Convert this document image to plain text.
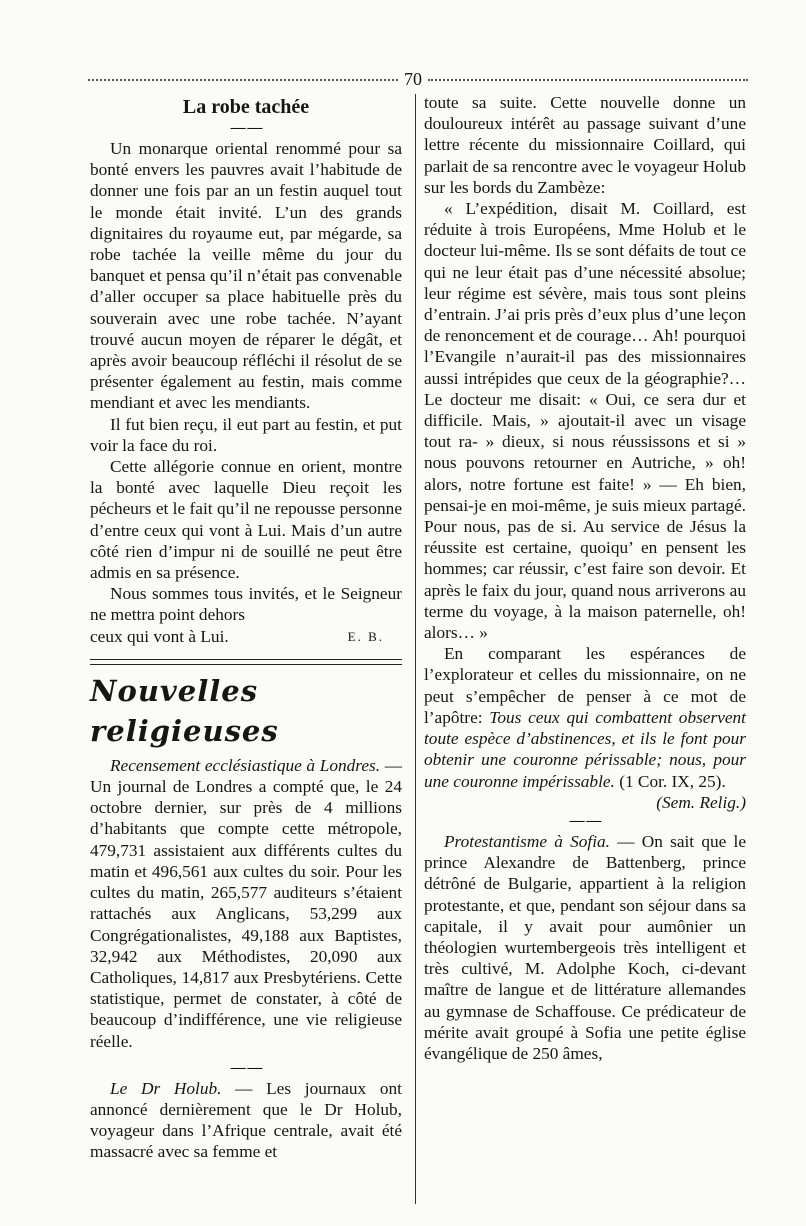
70
La robe tachée
— —

Un monarque oriental renommé pour sa bonté envers les pauvres avait l’habitude de donner une fois par an un festin auquel tout le monde était invité. L’un des grands dignitaires du royaume eut, par mégarde, sa robe tachée la veille même du jour du banquet et pensa qu’il n’était pas convenable d’aller occuper sa place habituelle près du souverain avec une robe tachée. N’ayant trouvé aucun moyen de réparer le dégât, et après avoir beaucoup réfléchi il résolut de se présenter également au festin, mais comme mendiant et avec les mendiants.

Il fut bien reçu, il eut part au festin, et put voir la face du roi.

Cette allégorie connue en orient, montre la bonté avec laquelle Dieu reçoit les pécheurs et le fait qu’il ne repousse personne d’entre ceux qui vont à Lui. Mais d’un autre côté rien d’impur ni de souillé ne peut être admis en sa présence.

Nous sommes tous invités, et le Seigneur ne mettra point dehors

ceux qui vont à Lui.	E. B.
Nouvelles religieuses

Recensement ecclésiastique à Londres. — Un journal de Londres a compté que, le 24 octobre dernier, sur près de 4 millions d’habitants que compte cette métropole, 479,731 assistaient aux différents cultes du matin et 496,561 aux cultes du soir. Pour les cultes du matin, 265,577 auditeurs s’étaient rattachés aux Anglicans, 53,299 aux Congrégationalistes, 49,188 aux Baptistes, 32,942 aux Méthodistes, 20,090 aux Catholiques, 14,817 aux Presbytériens. Cette statistique, permet de constater, à côté de beaucoup d’indifférence, une vie religieuse réelle.

— —

Le Dr Holub. — Les journaux ont annoncé dernièrement que le Dr Holub, voyageur dans l’Afrique centrale, avait été massacré avec sa femme et

toute sa suite. Cette nouvelle donne un douloureux intérêt au passage suivant d’une lettre récente du missionnaire Coillard, qui parlait de sa rencontre avec le voyageur Holub sur les bords du Zambèze:

« L’expédition, disait M. Coillard, est réduite à trois Européens, Mme Holub et le docteur lui-même. Ils se sont défaits de tout ce qui ne leur était pas d’une nécessité absolue; leur régime est sévère, mais tous sont pleins d’entrain. J’ai pris près d’eux plus d’une leçon de renoncement et de courage… Ah! pourquoi l’Evangile n’aurait-il pas des missionnaires aussi intrépides que ceux de la géographie?…Le docteur me disait: « Oui, ce sera dur et difficile. Mais, » ajoutait-il avec un visage tout ra- » dieux, si nous réussissons et si » nous pouvons retourner en Autriche, » oh! alors, notre fortune est faite! » — Eh bien, pensai-je en moi-même, je suis mieux partagé. Pour nous, pas de si. Au service de Jésus la réussite est certaine, quoiqu’ en pensent les hommes; car réussir, c’est faire son devoir. Et après le faix du jour, quand nous arriverons au terme du voyage, à la maison paternelle, oh! alors… »

En comparant les espérances de l’explorateur et celles du missionnaire, on ne peut s’empêcher de penser à ce mot de l’apôtre: Tous ceux qui combattent observent toute espèce d’abstinences, et ils le font pour obtenir une couronne périssable; nous, pour une couronne impérissable. (1 Cor. IX, 25).
(Sem. Relig.)

— —

Protestantisme à Sofia. — On sait que le prince Alexandre de Battenberg, prince détrôné de Bulgarie, appartient à la religion protestante, et que, pendant son séjour dans sa capitale, il y avait pour aumônier un théologien wurtembergeois très intelligent et très cultivé, M. Adolphe Koch, ci-devant maître de langue et de littérature allemandes au gymnase de Schaffouse. Ce prédicateur de mérite avait groupé à Sofia une petite église évangélique de 250 âmes,
